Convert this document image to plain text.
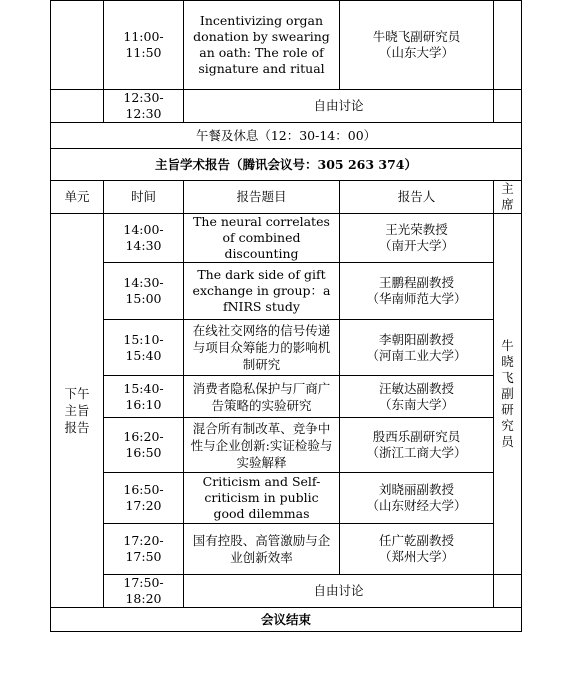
	11:00-11:50	Incentivizing organ donation by swearing an oath: The role of signature and ritual	牛晓飞副研究员
（山东大学）	

	12:30-12:30	自由讨论		
午餐及休息（12：30-14：00）				
主旨学术报告（腾讯会议号：305 263 374）				
单元	时间	报告题目	报告人	主席
下午主旨报告	14:00-14:30	The neural correlates of combined discounting	王光荣教授
（南开大学）	牛晓飞副研究员
	14:30-15:00	The dark side of gift exchange in group：a fNIRS study	王鹏程副教授
（华南师范大学）	

	15:10-15:40	在线社交网络的信号传递与项目众筹能力的影响机制研究	李朝阳副教授
（河南工业大学）	

	15:40-16:10	消费者隐私保护与厂商广告策略的实验研究	汪敏达副教授
（东南大学）	

	16:20-16:50	混合所有制改革、竞争中性与企业创新:实证检验与实验解释	殷西乐副研究员
（浙江工商大学）	

	16:50-17:20	Criticism and Self-criticism in public good dilemmas	刘晓丽副教授
（山东财经大学）	

	17:20-17:50	国有控股、高管激励与企业创新效率	任广乾副教授
（郑州大学）	

	17:50-18:20	自由讨论		
会议结束				
